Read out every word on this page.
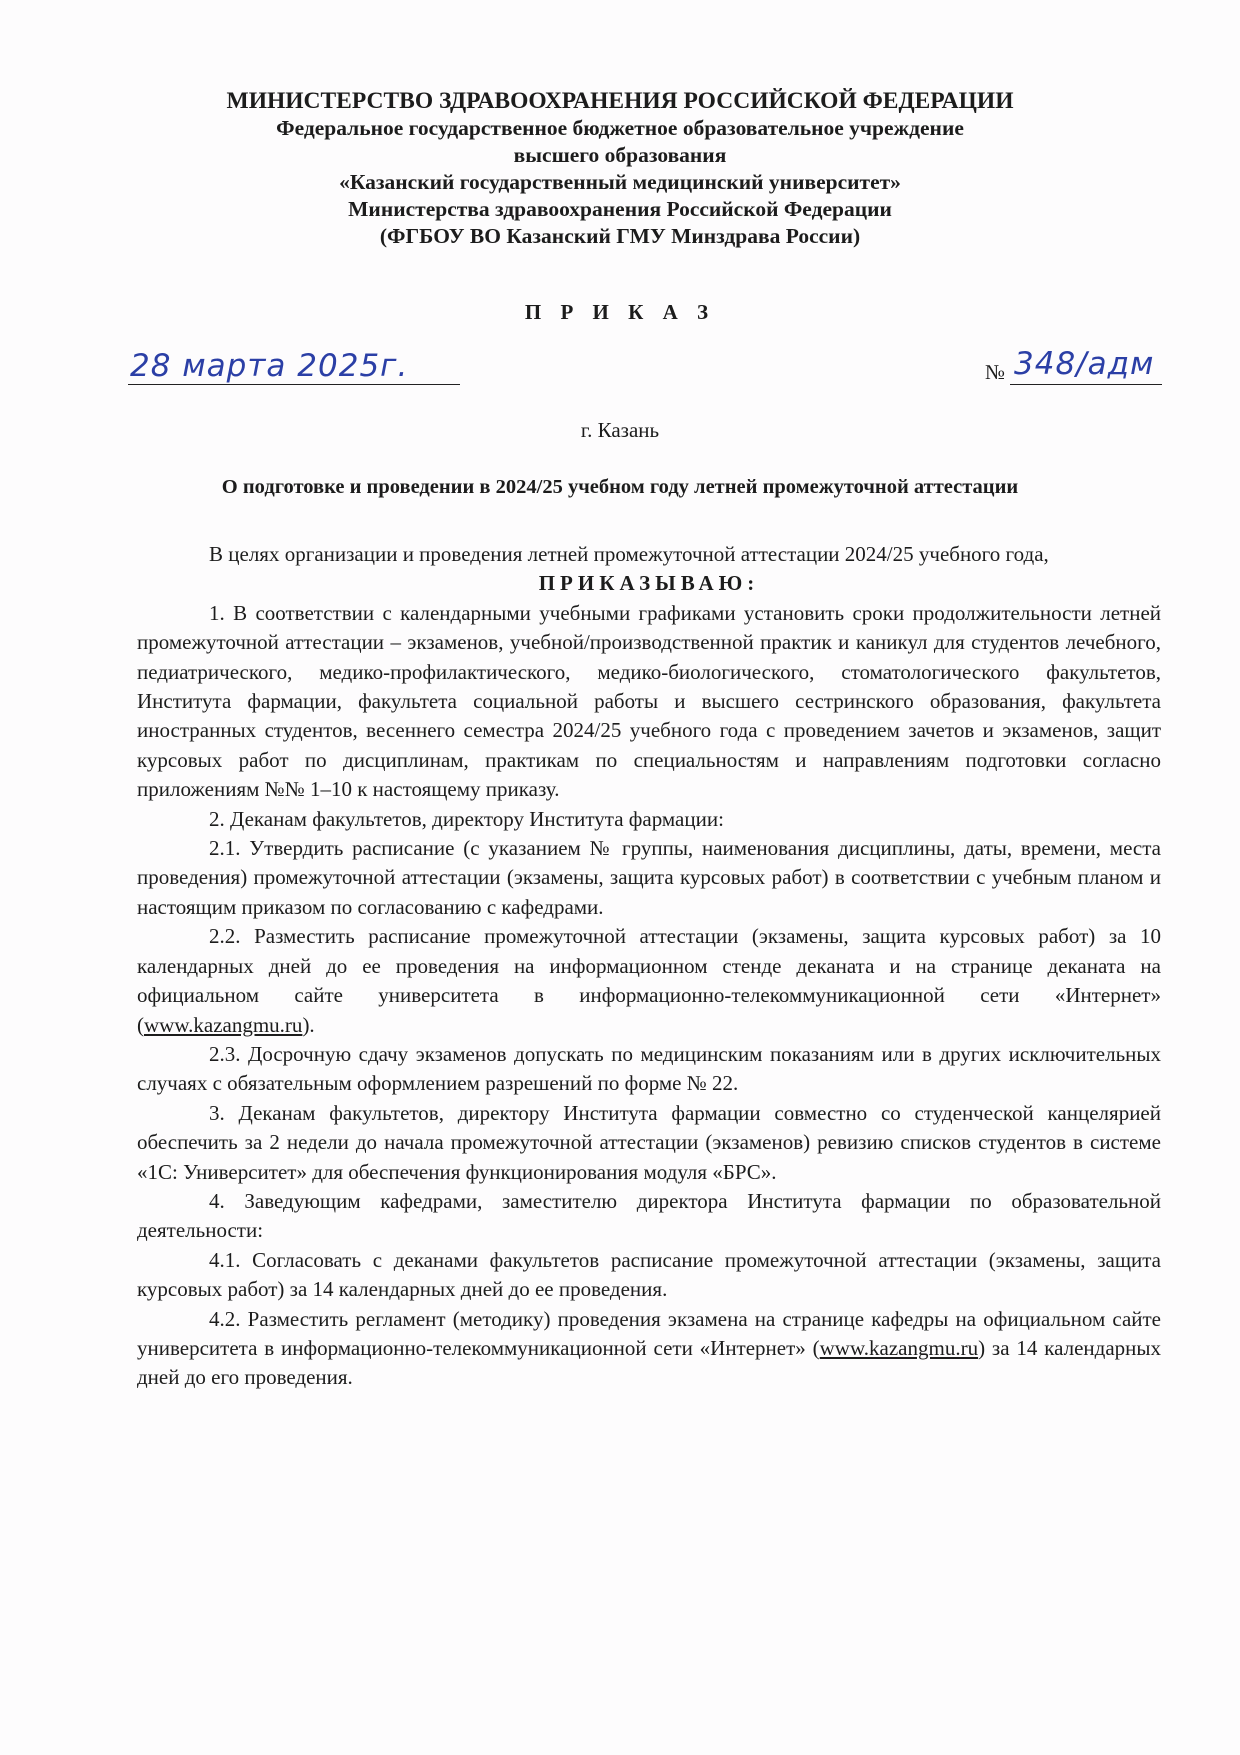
МИНИСТЕРСТВО ЗДРАВООХРАНЕНИЯ РОССИЙСКОЙ ФЕДЕРАЦИИ
Федеральное государственное бюджетное образовательное учреждение
высшего образования
«Казанский государственный медицинский университет»
Министерства здравоохранения Российской Федерации
(ФГБОУ ВО Казанский ГМУ Минздрава России)
П Р И К А З
28 марта 2025г.	№ 348/адм
г. Казань
О подготовке и проведении в 2024/25 учебном году летней промежуточной аттестации

В целях организации и проведения летней промежуточной аттестации 2024/25 учебного года,

ПРИКАЗЫВАЮ:

1. В соответствии с календарными учебными графиками установить сроки продолжительности летней промежуточной аттестации – экзаменов, учебной/производственной практик и каникул для студентов лечебного, педиатрического, медико-профилактического, медико-биологического, стоматологического факультетов, Института фармации, факультета социальной работы и высшего сестринского образования, факультета иностранных студентов, весеннего семестра 2024/25 учебного года с проведением зачетов и экзаменов, защит курсовых работ по дисциплинам, практикам по специальностям и направлениям подготовки согласно приложениям №№ 1–10 к настоящему приказу.

2. Деканам факультетов, директору Института фармации:

2.1. Утвердить расписание (с указанием № группы, наименования дисциплины, даты, времени, места проведения) промежуточной аттестации (экзамены, защита курсовых работ) в соответствии с учебным планом и настоящим приказом по согласованию с кафедрами.

2.2. Разместить расписание промежуточной аттестации (экзамены, защита курсовых работ) за 10 календарных дней до ее проведения на информационном стенде деканата и на странице деканата на официальном сайте университета в информационно-телекоммуникационной сети «Интернет» (www.kazangmu.ru).

2.3. Досрочную сдачу экзаменов допускать по медицинским показаниям или в других исключительных случаях с обязательным оформлением разрешений по форме № 22.

3. Деканам факультетов, директору Института фармации совместно со студенческой канцелярией обеспечить за 2 недели до начала промежуточной аттестации (экзаменов) ревизию списков студентов в системе «1С: Университет» для обеспечения функционирования модуля «БРС».

4. Заведующим кафедрами, заместителю директора Института фармации по образовательной деятельности:

4.1. Согласовать с деканами факультетов расписание промежуточной аттестации (экзамены, защита курсовых работ) за 14 календарных дней до ее проведения.

4.2. Разместить регламент (методику) проведения экзамена на странице кафедры на официальном сайте университета в информационно-телекоммуникационной сети «Интернет» (www.kazangmu.ru) за 14 календарных дней до его проведения.
